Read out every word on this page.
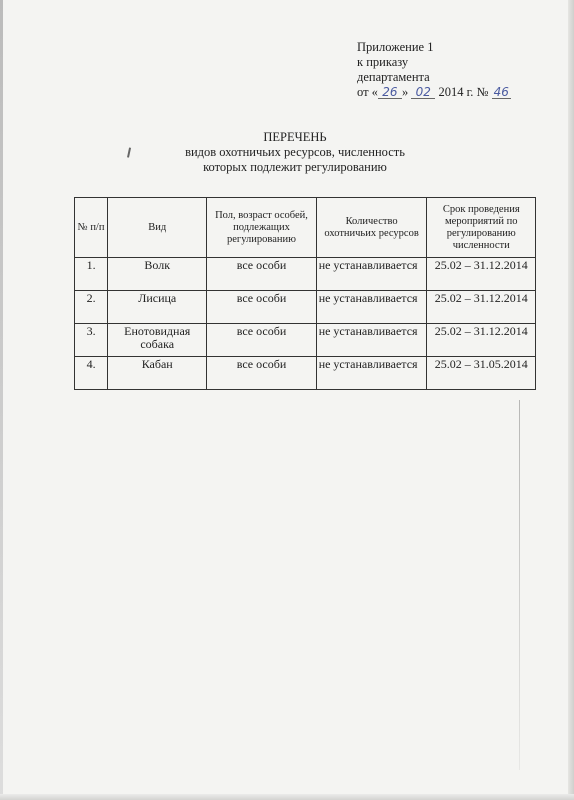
Приложение 1
к приказу
департамента
от « 26 » 02 2014 г. № 46
ПЕРЕЧЕНЬ
видов охотничьих ресурсов, численность
которых подлежит регулированию
№ п/п	Вид	Пол, возраст особей, подлежащих регулированию	Количество охотничьих ресурсов	Срок проведения мероприятий по регулированию численности
1.	Волк	все особи	не устанавливается	25.02 – 31.12.2014
2.	Лисица	все особи	не устанавливается	25.02 – 31.12.2014
3.	Енотовидная собака	все особи	не устанавливается	25.02 – 31.12.2014
4.	Кабан	все особи	не устанавливается	25.02 – 31.05.2014
